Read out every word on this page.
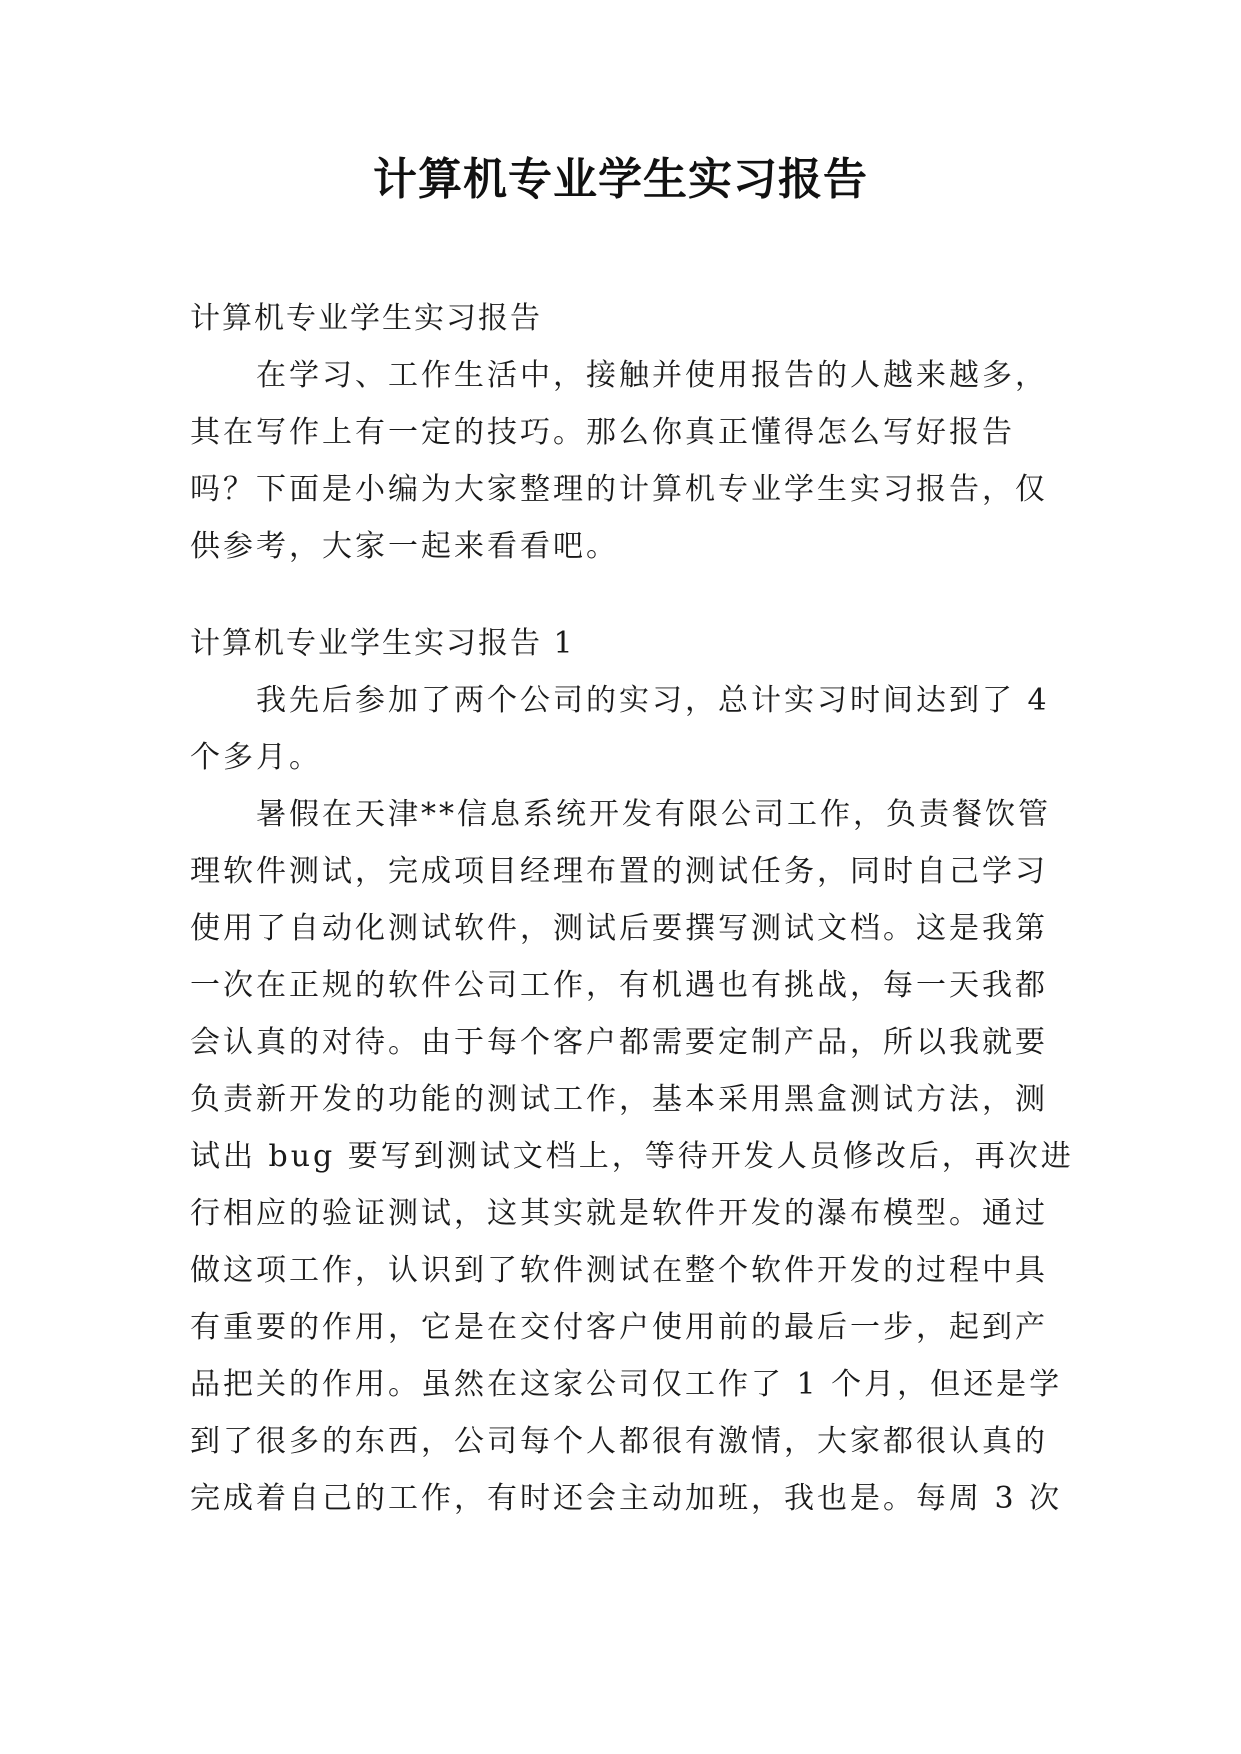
计算机专业学生实习报告
计算机专业学生实习报告
　　在学习、工作生活中，接触并使用报告的人越来越多，
其在写作上有一定的技巧。那么你真正懂得怎么写好报告
吗？下面是小编为大家整理的计算机专业学生实习报告，仅
供参考，大家一起来看看吧。
计算机专业学生实习报告 1
　　我先后参加了两个公司的实习，总计实习时间达到了 4
个多月。
　　暑假在天津**信息系统开发有限公司工作，负责餐饮管
理软件测试，完成项目经理布置的测试任务，同时自己学习
使用了自动化测试软件，测试后要撰写测试文档。这是我第
一次在正规的软件公司工作，有机遇也有挑战，每一天我都
会认真的对待。由于每个客户都需要定制产品，所以我就要
负责新开发的功能的测试工作，基本采用黑盒测试方法，测
试出 bug 要写到测试文档上，等待开发人员修改后，再次进
行相应的验证测试，这其实就是软件开发的瀑布模型。通过
做这项工作，认识到了软件测试在整个软件开发的过程中具
有重要的作用，它是在交付客户使用前的最后一步，起到产
品把关的作用。虽然在这家公司仅工作了 1 个月，但还是学
到了很多的东西，公司每个人都很有激情，大家都很认真的
完成着自己的工作，有时还会主动加班，我也是。每周 3 次
